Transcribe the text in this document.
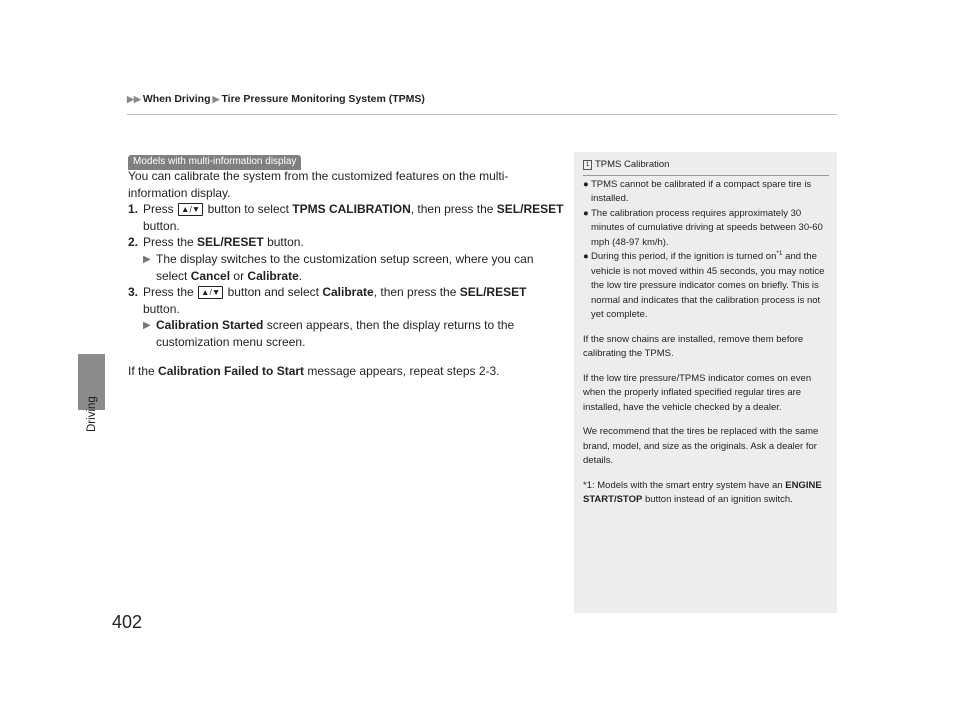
▶▶ When Driving ▶ Tire Pressure Monitoring System (TPMS)
Driving
402
Models with multi-information display

You can calibrate the system from the customized features on the multi-information display.

1. Press ▲/▼ button to select TPMS CALIBRATION, then press the SEL/RESET button.

2. Press the SEL/RESET button.

▶ The display switches to the customization setup screen, where you can select Cancel or Calibrate.

3. Press the ▲/▼ button and select Calibrate, then press the SEL/RESET button.

▶ Calibration Started screen appears, then the display returns to the customization menu screen.

If the Calibration Failed to Start message appears, repeat steps 2-3.

1 TPMS Calibration
● TPMS cannot be calibrated if a compact spare tire is installed.
● The calibration process requires approximately 30 minutes of cumulative driving at speeds between 30-60 mph (48-97 km/h).
● During this period, if the ignition is turned $on^{*1}$ and the vehicle is not moved within 45 seconds, you may notice the low tire pressure indicator comes on briefly. This is normal and indicates that the calibration process is not yet complete.
If the snow chains are installed, remove them before calibrating the TPMS.
If the low tire pressure/TPMS indicator comes on even when the properly inflated specified regular tires are installed, have the vehicle checked by a dealer.
We recommend that the tires be replaced with the same brand, model, and size as the originals. Ask a dealer for details.
*1: Models with the smart entry system have an ENGINE START/STOP button instead of an ignition switch.
